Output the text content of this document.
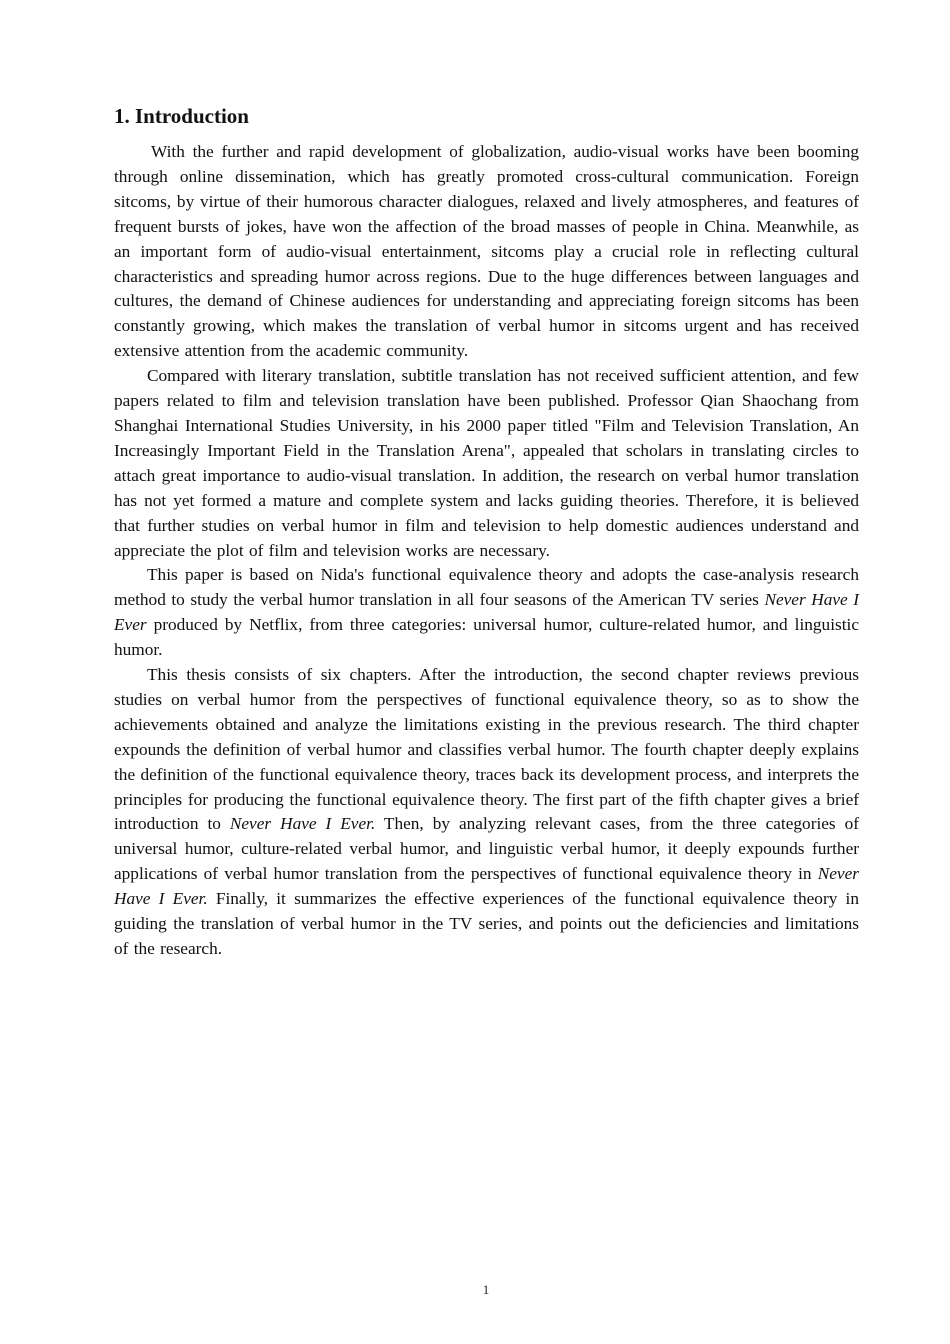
1. Introduction

With the further and rapid development of globalization, audio-visual works have been booming through online dissemination, which has greatly promoted cross-cultural communication. Foreign sitcoms, by virtue of their humorous character dialogues, relaxed and lively atmospheres, and features of frequent bursts of jokes, have won the affection of the broad masses of people in China. Meanwhile, as an important form of audio-visual entertainment, sitcoms play a crucial role in reflecting cultural characteristics and spreading humor across regions. Due to the huge differences between languages and cultures, the demand of Chinese audiences for understanding and appreciating foreign sitcoms has been constantly growing, which makes the translation of verbal humor in sitcoms urgent and has received extensive attention from the academic community.

Compared with literary translation, subtitle translation has not received sufficient attention, and few papers related to film and television translation have been published. Professor Qian Shaochang from Shanghai International Studies University, in his 2000 paper titled "Film and Television Translation, An Increasingly Important Field in the Translation Arena", appealed that scholars in translating circles to attach great importance to audio-visual translation. In addition, the research on verbal humor translation has not yet formed a mature and complete system and lacks guiding theories. Therefore, it is believed that further studies on verbal humor in film and television to help domestic audiences understand and appreciate the plot of film and television works are necessary.

This paper is based on Nida's functional equivalence theory and adopts the case-analysis research method to study the verbal humor translation in all four seasons of the American TV series Never Have I Ever produced by Netflix, from three categories: universal humor, culture-related humor, and linguistic humor.

This thesis consists of six chapters. After the introduction, the second chapter reviews previous studies on verbal humor from the perspectives of functional equivalence theory, so as to show the achievements obtained and analyze the limitations existing in the previous research. The third chapter expounds the definition of verbal humor and classifies verbal humor. The fourth chapter deeply explains the definition of the functional equivalence theory, traces back its development process, and interprets the principles for producing the functional equivalence theory. The first part of the fifth chapter gives a brief introduction to Never Have I Ever. Then, by analyzing relevant cases, from the three categories of universal humor, culture-related verbal humor, and linguistic verbal humor, it deeply expounds further applications of verbal humor translation from the perspectives of functional equivalence theory in Never Have I Ever. Finally, it summarizes the effective experiences of the functional equivalence theory in guiding the translation of verbal humor in the TV series, and points out the deficiencies and limitations of the research.

1
